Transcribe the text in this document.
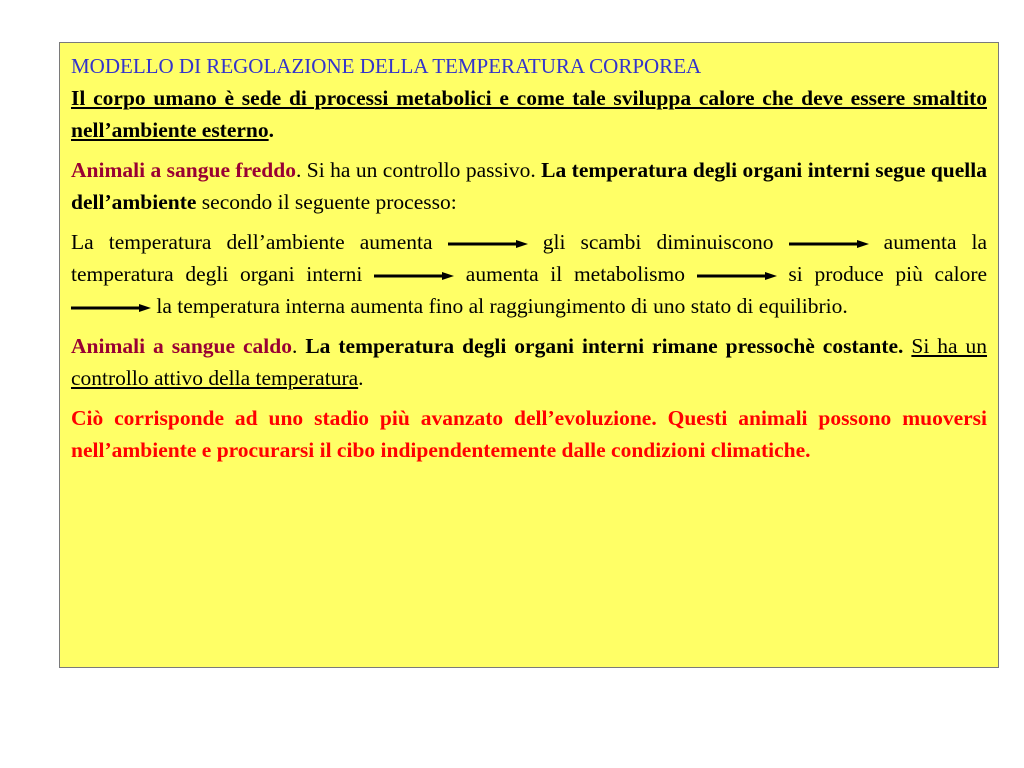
MODELLO DI REGOLAZIONE DELLA TEMPERATURA CORPOREA

Il corpo umano è sede di processi metabolici e come tale sviluppa calore che deve essere smaltito nell’ambiente esterno.

Animali a sangue freddo. Si ha un controllo passivo. La temperatura degli organi interni segue quella dell’ambiente secondo il seguente processo:

La temperatura dell’ambiente aumenta	gli scambi diminuiscono	aumenta la temperatura degli organi interni	aumenta il metabolismo	si produce più calore
la temperatura interna aumenta fino al raggiungimento di uno stato di equilibrio.

Animali a sangue caldo. La temperatura degli organi interni rimane pressochè costante. Si ha un controllo attivo della temperatura.

Ciò corrisponde ad uno stadio più avanzato dell’evoluzione. Questi animali possono muoversi nell’ambiente e procurarsi il cibo indipendentemente dalle condizioni climatiche.
